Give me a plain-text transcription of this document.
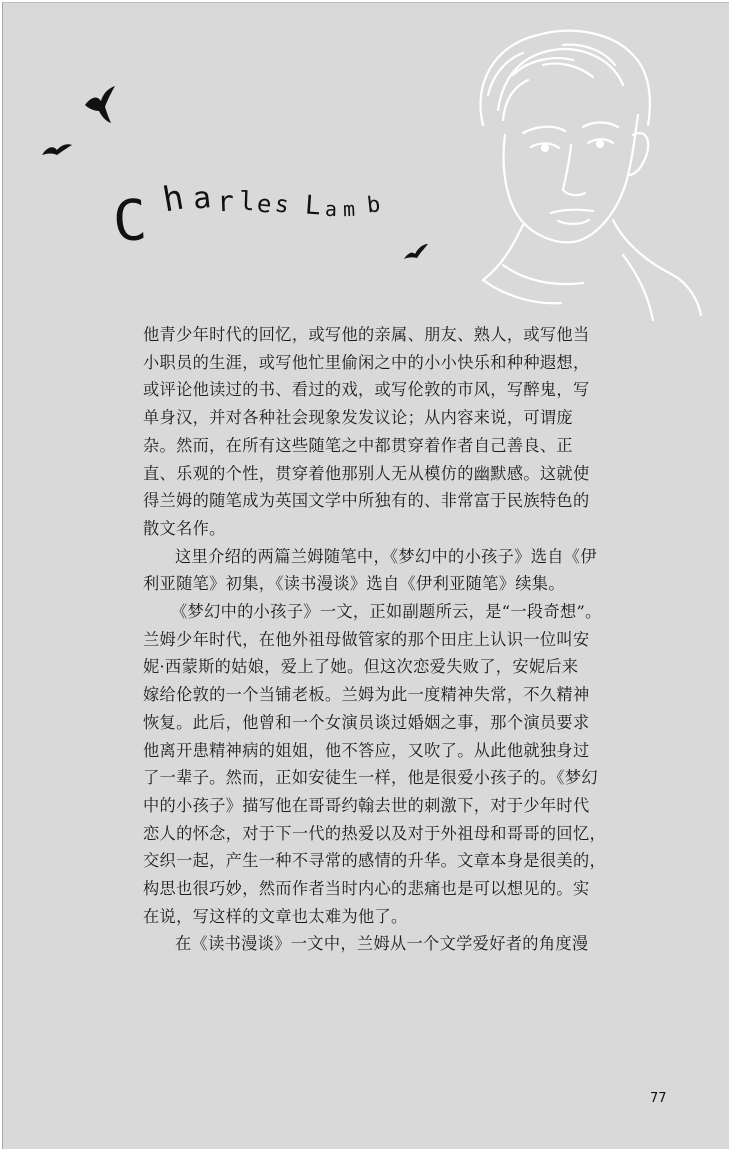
C h a r l e s L a m b

他青少年时代的回忆，或写他的亲属、朋友、熟人，或写他当

小职员的生涯，或写他忙里偷闲之中的小小快乐和种种遐想，

或评论他读过的书、看过的戏，或写伦敦的市风，写醉鬼，写

单身汉，并对各种社会现象发发议论；从内容来说，可谓庞

杂。然而，在所有这些随笔之中都贯穿着作者自己善良、正

直、乐观的个性，贯穿着他那别人无从模仿的幽默感。这就使

得兰姆的随笔成为英国文学中所独有的、非常富于民族特色的

散文名作。

这里介绍的两篇兰姆随笔中，《梦幻中的小孩子》选自《伊

利亚随笔》初集，《读书漫谈》选自《伊利亚随笔》续集。

《梦幻中的小孩子》一文，正如副题所云，是“一段奇想”。

兰姆少年时代，在他外祖母做管家的那个田庄上认识一位叫安

妮·西蒙斯的姑娘，爱上了她。但这次恋爱失败了，安妮后来

嫁给伦敦的一个当铺老板。兰姆为此一度精神失常，不久精神

恢复。此后，他曾和一个女演员谈过婚姻之事，那个演员要求

他离开患精神病的姐姐，他不答应，又吹了。从此他就独身过

了一辈子。然而，正如安徒生一样，他是很爱小孩子的。《梦幻

中的小孩子》描写他在哥哥约翰去世的刺激下，对于少年时代

恋人的怀念，对于下一代的热爱以及对于外祖母和哥哥的回忆，

交织一起，产生一种不寻常的感情的升华。文章本身是很美的，

构思也很巧妙，然而作者当时内心的悲痛也是可以想见的。实

在说，写这样的文章也太难为他了。

在《读书漫谈》一文中，兰姆从一个文学爱好者的角度漫

77
